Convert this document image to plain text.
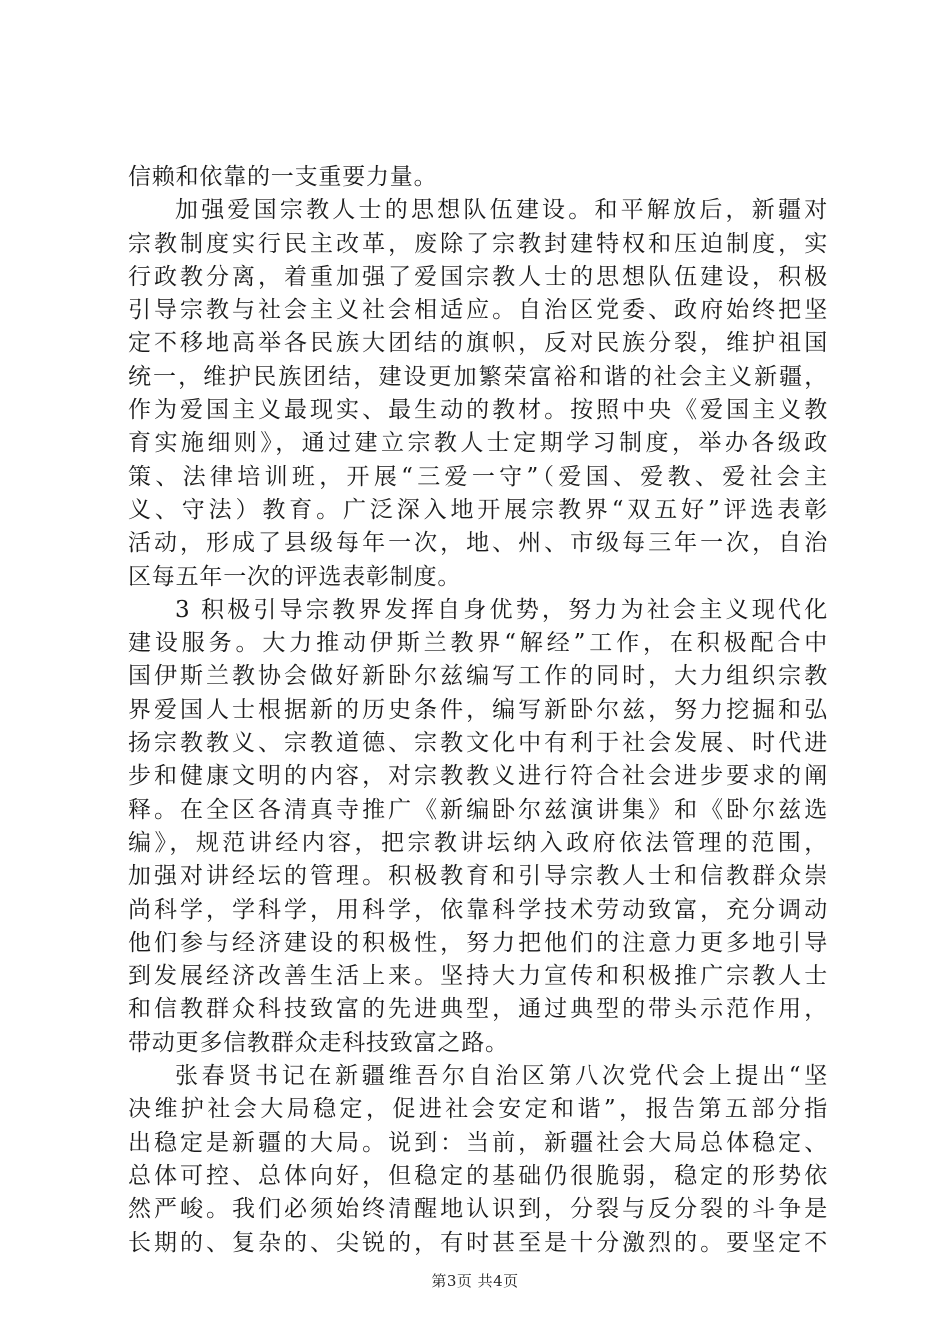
信赖和依靠的一支重要力量。
加强爱国宗教人士的思想队伍建设。和平解放后，新疆对
宗教制度实行民主改革，废除了宗教封建特权和压迫制度，实
行政教分离，着重加强了爱国宗教人士的思想队伍建设，积极
引导宗教与社会主义社会相适应。自治区党委、政府始终把坚
定不移地高举各民族大团结的旗帜，反对民族分裂，维护祖国
统一，维护民族团结，建设更加繁荣富裕和谐的社会主义新疆，
作为爱国主义最现实、最生动的教材。按照中央《爱国主义教
育实施细则》，通过建立宗教人士定期学习制度，举办各级政
策、法律培训班，开展“三爱一守”（爱国、爱教、爱社会主
义、守法）教育。广泛深入地开展宗教界“双五好”评选表彰
活动，形成了县级每年一次，地、州、市级每三年一次，自治
区每五年一次的评选表彰制度。
3 积极引导宗教界发挥自身优势，努力为社会主义现代化
建设服务。大力推动伊斯兰教界“解经”工作，在积极配合中
国伊斯兰教协会做好新卧尔兹编写工作的同时，大力组织宗教
界爱国人士根据新的历史条件，编写新卧尔兹，努力挖掘和弘
扬宗教教义、宗教道德、宗教文化中有利于社会发展、时代进
步和健康文明的内容，对宗教教义进行符合社会进步要求的阐
释。在全区各清真寺推广《新编卧尔兹演讲集》和《卧尔兹选
编》，规范讲经内容，把宗教讲坛纳入政府依法管理的范围，
加强对讲经坛的管理。积极教育和引导宗教人士和信教群众崇
尚科学，学科学，用科学，依靠科学技术劳动致富，充分调动
他们参与经济建设的积极性，努力把他们的注意力更多地引导
到发展经济改善生活上来。坚持大力宣传和积极推广宗教人士
和信教群众科技致富的先进典型，通过典型的带头示范作用，
带动更多信教群众走科技致富之路。
张春贤书记在新疆维吾尔自治区第八次党代会上提出“坚
决维护社会大局稳定，促进社会安定和谐”，报告第五部分指
出稳定是新疆的大局。说到：当前，新疆社会大局总体稳定、
总体可控、总体向好，但稳定的基础仍很脆弱，稳定的形势依
然严峻。我们必须始终清醒地认识到，分裂与反分裂的斗争是
长期的、复杂的、尖锐的，有时甚至是十分激烈的。要坚定不
第3页 共4页
